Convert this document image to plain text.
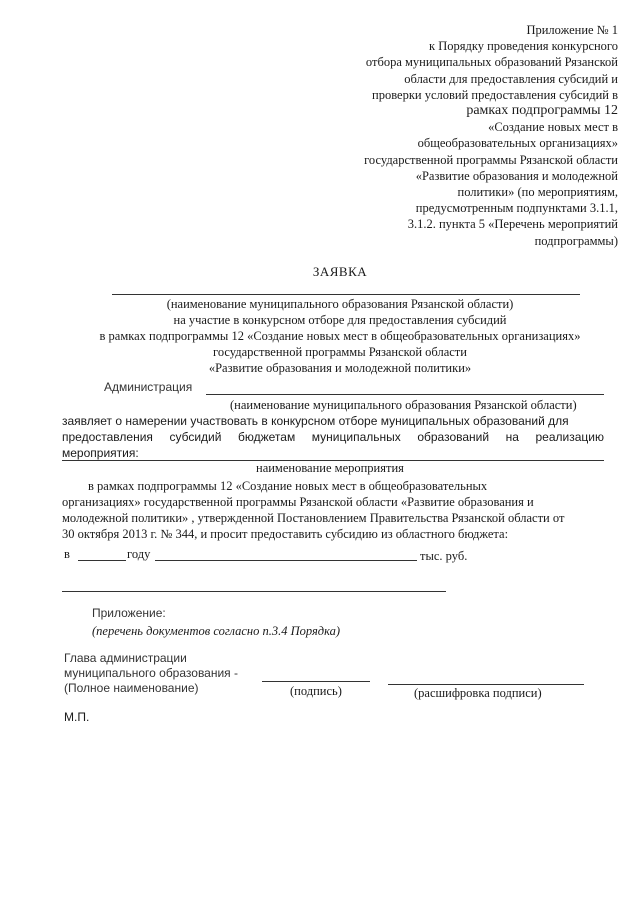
Приложение № 1
к Порядку проведения конкурсного
отбора муниципальных образований Рязанской
области для предоставления субсидий и
проверки условий предоставления субсидий в
рамках подпрограммы 12
«Создание новых мест в
общеобразовательных организациях»
государственной программы Рязанской области
«Развитие образования и молодежной
политики» (по мероприятиям,
предусмотренным подпунктами 3.1.1,
3.1.2. пункта 5 «Перечень мероприятий
подпрограммы)
ЗАЯВКА
(наименование муниципального образования Рязанской области)
на участие в конкурсном отборе для предоставления субсидий
в рамках подпрограммы 12 «Создание новых мест в общеобразовательных организациях»
государственной программы Рязанской области
«Развитие образования и молодежной политики»
Администрация
(наименование муниципального образования Рязанской области)
заявляет о намерении участвовать в конкурсном отборе муниципальных образований для
предоставления субсидий бюджетам муниципальных образований на реализацию мероприятия:
наименование мероприятия
в рамках подпрограммы 12 «Создание новых мест в общеобразовательных
организациях» государственной программы Рязанской области «Развитие образования и
молодежной политики» , утвержденной Постановлением Правительства Рязанской области от
30 октября 2013 г. № 344, и просит предоставить субсидию из областного бюджета:
в	году	тыс. руб.
Приложение:
(перечень документов согласно п.3.4 Порядка)
Глава администрации
муниципального образования -
(Полное наименование)	(подпись)	(расшифровка подписи)
М.П.
